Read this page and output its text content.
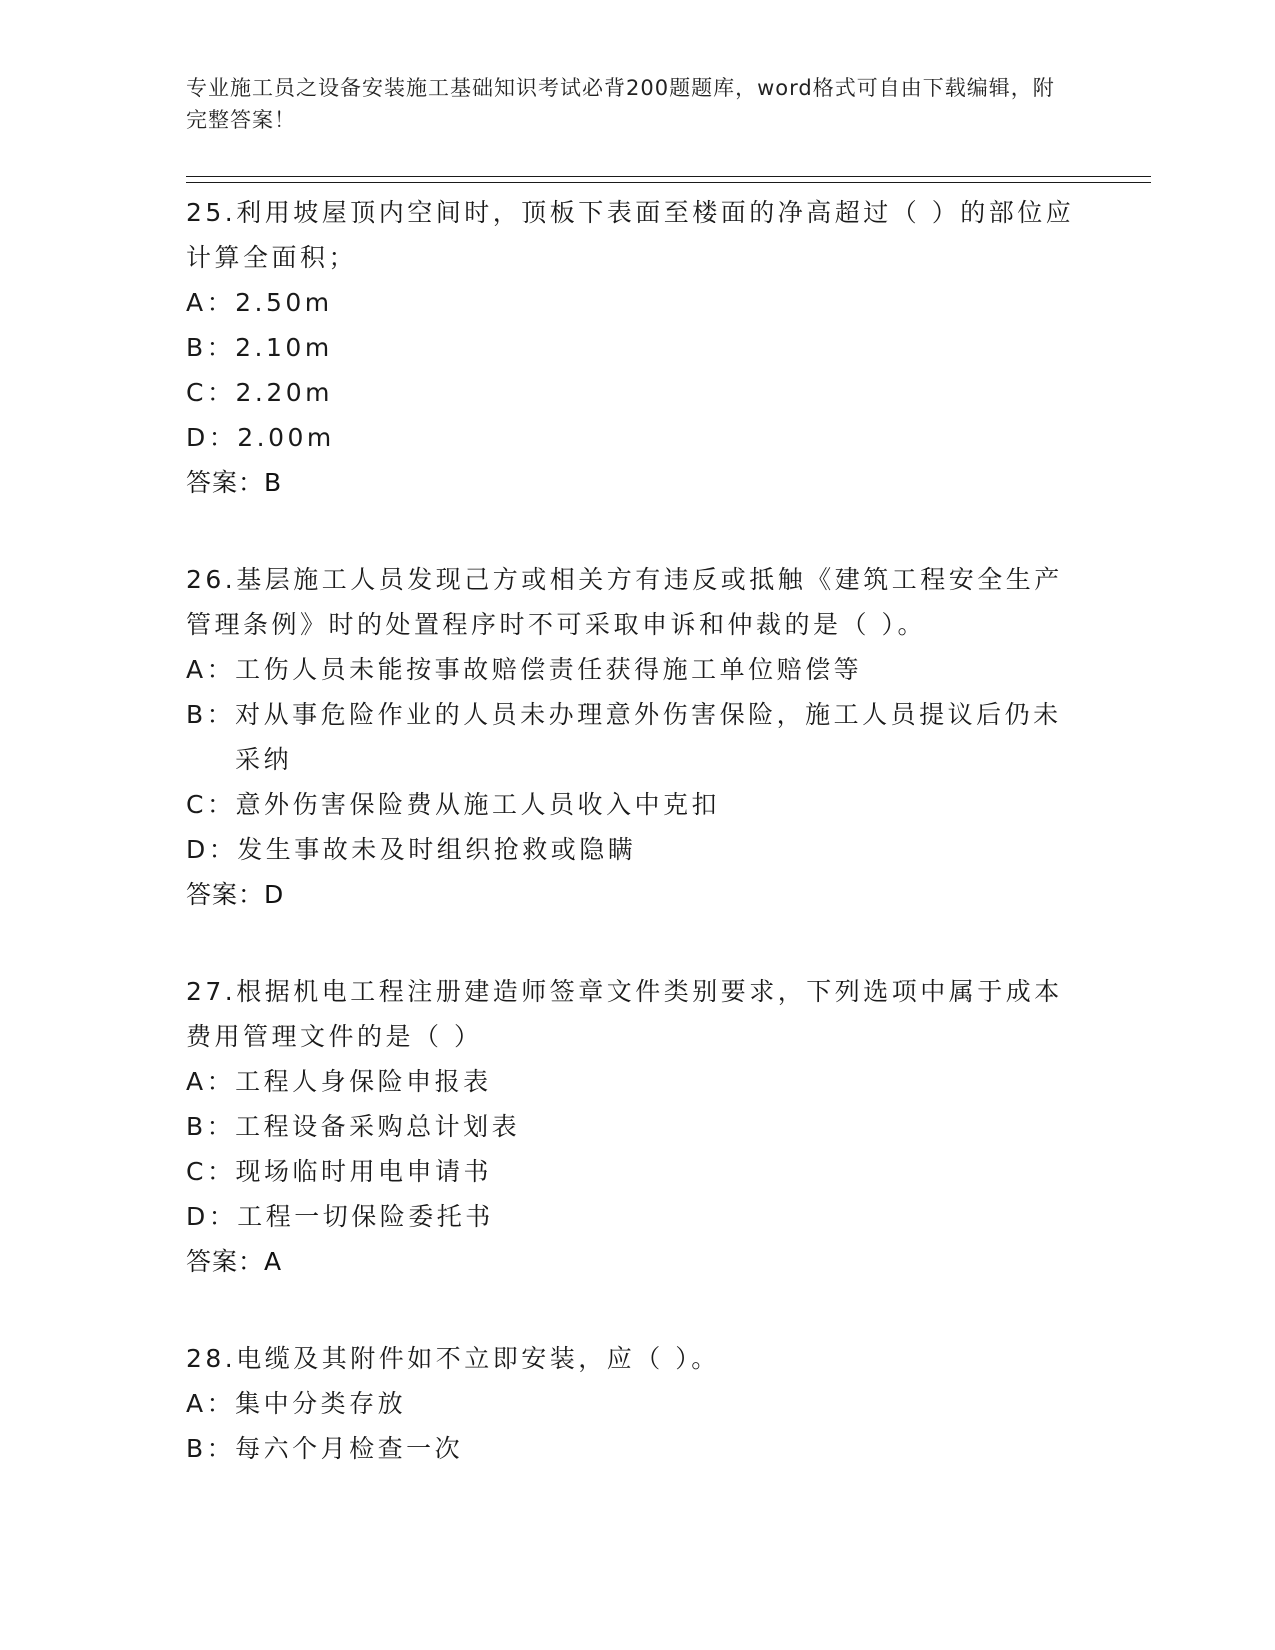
专业施工员之设备安装施工基础知识考试必背200题题库，word格式可自由下载编辑，附完整答案！

25.利用坡屋顶内空间时，顶板下表面至楼面的净高超过（ ）的部位应计算全面积；

A： 2.50m

B： 2.10m

C： 2.20m

D： 2.00m

答案：B

26.基层施工人员发现己方或相关方有违反或抵触《建筑工程安全生产管理条例》时的处置程序时不可采取申诉和仲裁的是（ ）。

A： 工伤人员未能按事故赔偿责任获得施工单位赔偿等

B： 对从事危险作业的人员未办理意外伤害保险，施工人员提议后仍未采纳

C： 意外伤害保险费从施工人员收入中克扣

D： 发生事故未及时组织抢救或隐瞒

答案：D

27.根据机电工程注册建造师签章文件类别要求，下列选项中属于成本费用管理文件的是（ ）

A： 工程人身保险申报表

B： 工程设备采购总计划表

C： 现场临时用电申请书

D： 工程一切保险委托书

答案：A

28.电缆及其附件如不立即安装，应（ ）。

A： 集中分类存放

B： 每六个月检查一次
